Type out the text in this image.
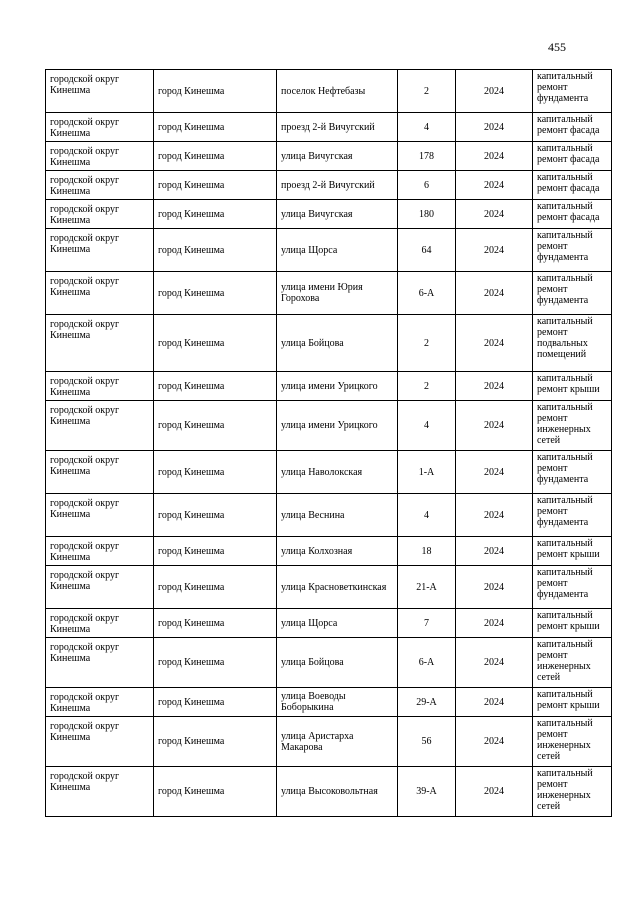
455
городской округ Кинешма	город Кинешма	поселок Нефтебазы	2	2024	капитальный ремонт фундамента
городской округ Кинешма	город Кинешма	проезд 2-й Вичугский	4	2024	капитальный ремонт фасада
городской округ Кинешма	город Кинешма	улица Вичугская	178	2024	капитальный ремонт фасада
городской округ Кинешма	город Кинешма	проезд 2-й Вичугский	6	2024	капитальный ремонт фасада
городской округ Кинешма	город Кинешма	улица Вичугская	180	2024	капитальный ремонт фасада
городской округ Кинешма	город Кинешма	улица Щорса	64	2024	капитальный ремонт фундамента
городской округ Кинешма	город Кинешма	улица имени Юрия Горохова	6-А	2024	капитальный ремонт фундамента
городской округ Кинешма	город Кинешма	улица Бойцова	2	2024	капитальный ремонт подвальных помещений
городской округ Кинешма	город Кинешма	улица имени Урицкого	2	2024	капитальный ремонт крыши
городской округ Кинешма	город Кинешма	улица имени Урицкого	4	2024	капитальный ремонт инженерных сетей
городской округ Кинешма	город Кинешма	улица Наволокская	1-А	2024	капитальный ремонт фундамента
городской округ Кинешма	город Кинешма	улица Веснина	4	2024	капитальный ремонт фундамента
городской округ Кинешма	город Кинешма	улица Колхозная	18	2024	капитальный ремонт крыши
городской округ Кинешма	город Кинешма	улица Красноветкинская	21-А	2024	капитальный ремонт фундамента
городской округ Кинешма	город Кинешма	улица Щорса	7	2024	капитальный ремонт крыши
городской округ Кинешма	город Кинешма	улица Бойцова	6-А	2024	капитальный ремонт инженерных сетей
городской округ Кинешма	город Кинешма	улица Воеводы Боборыкина	29-А	2024	капитальный ремонт крыши
городской округ Кинешма	город Кинешма	улица Аристарха Макарова	56	2024	капитальный ремонт инженерных сетей
городской округ Кинешма	город Кинешма	улица Высоковольтная	39-А	2024	капитальный ремонт инженерных сетей
